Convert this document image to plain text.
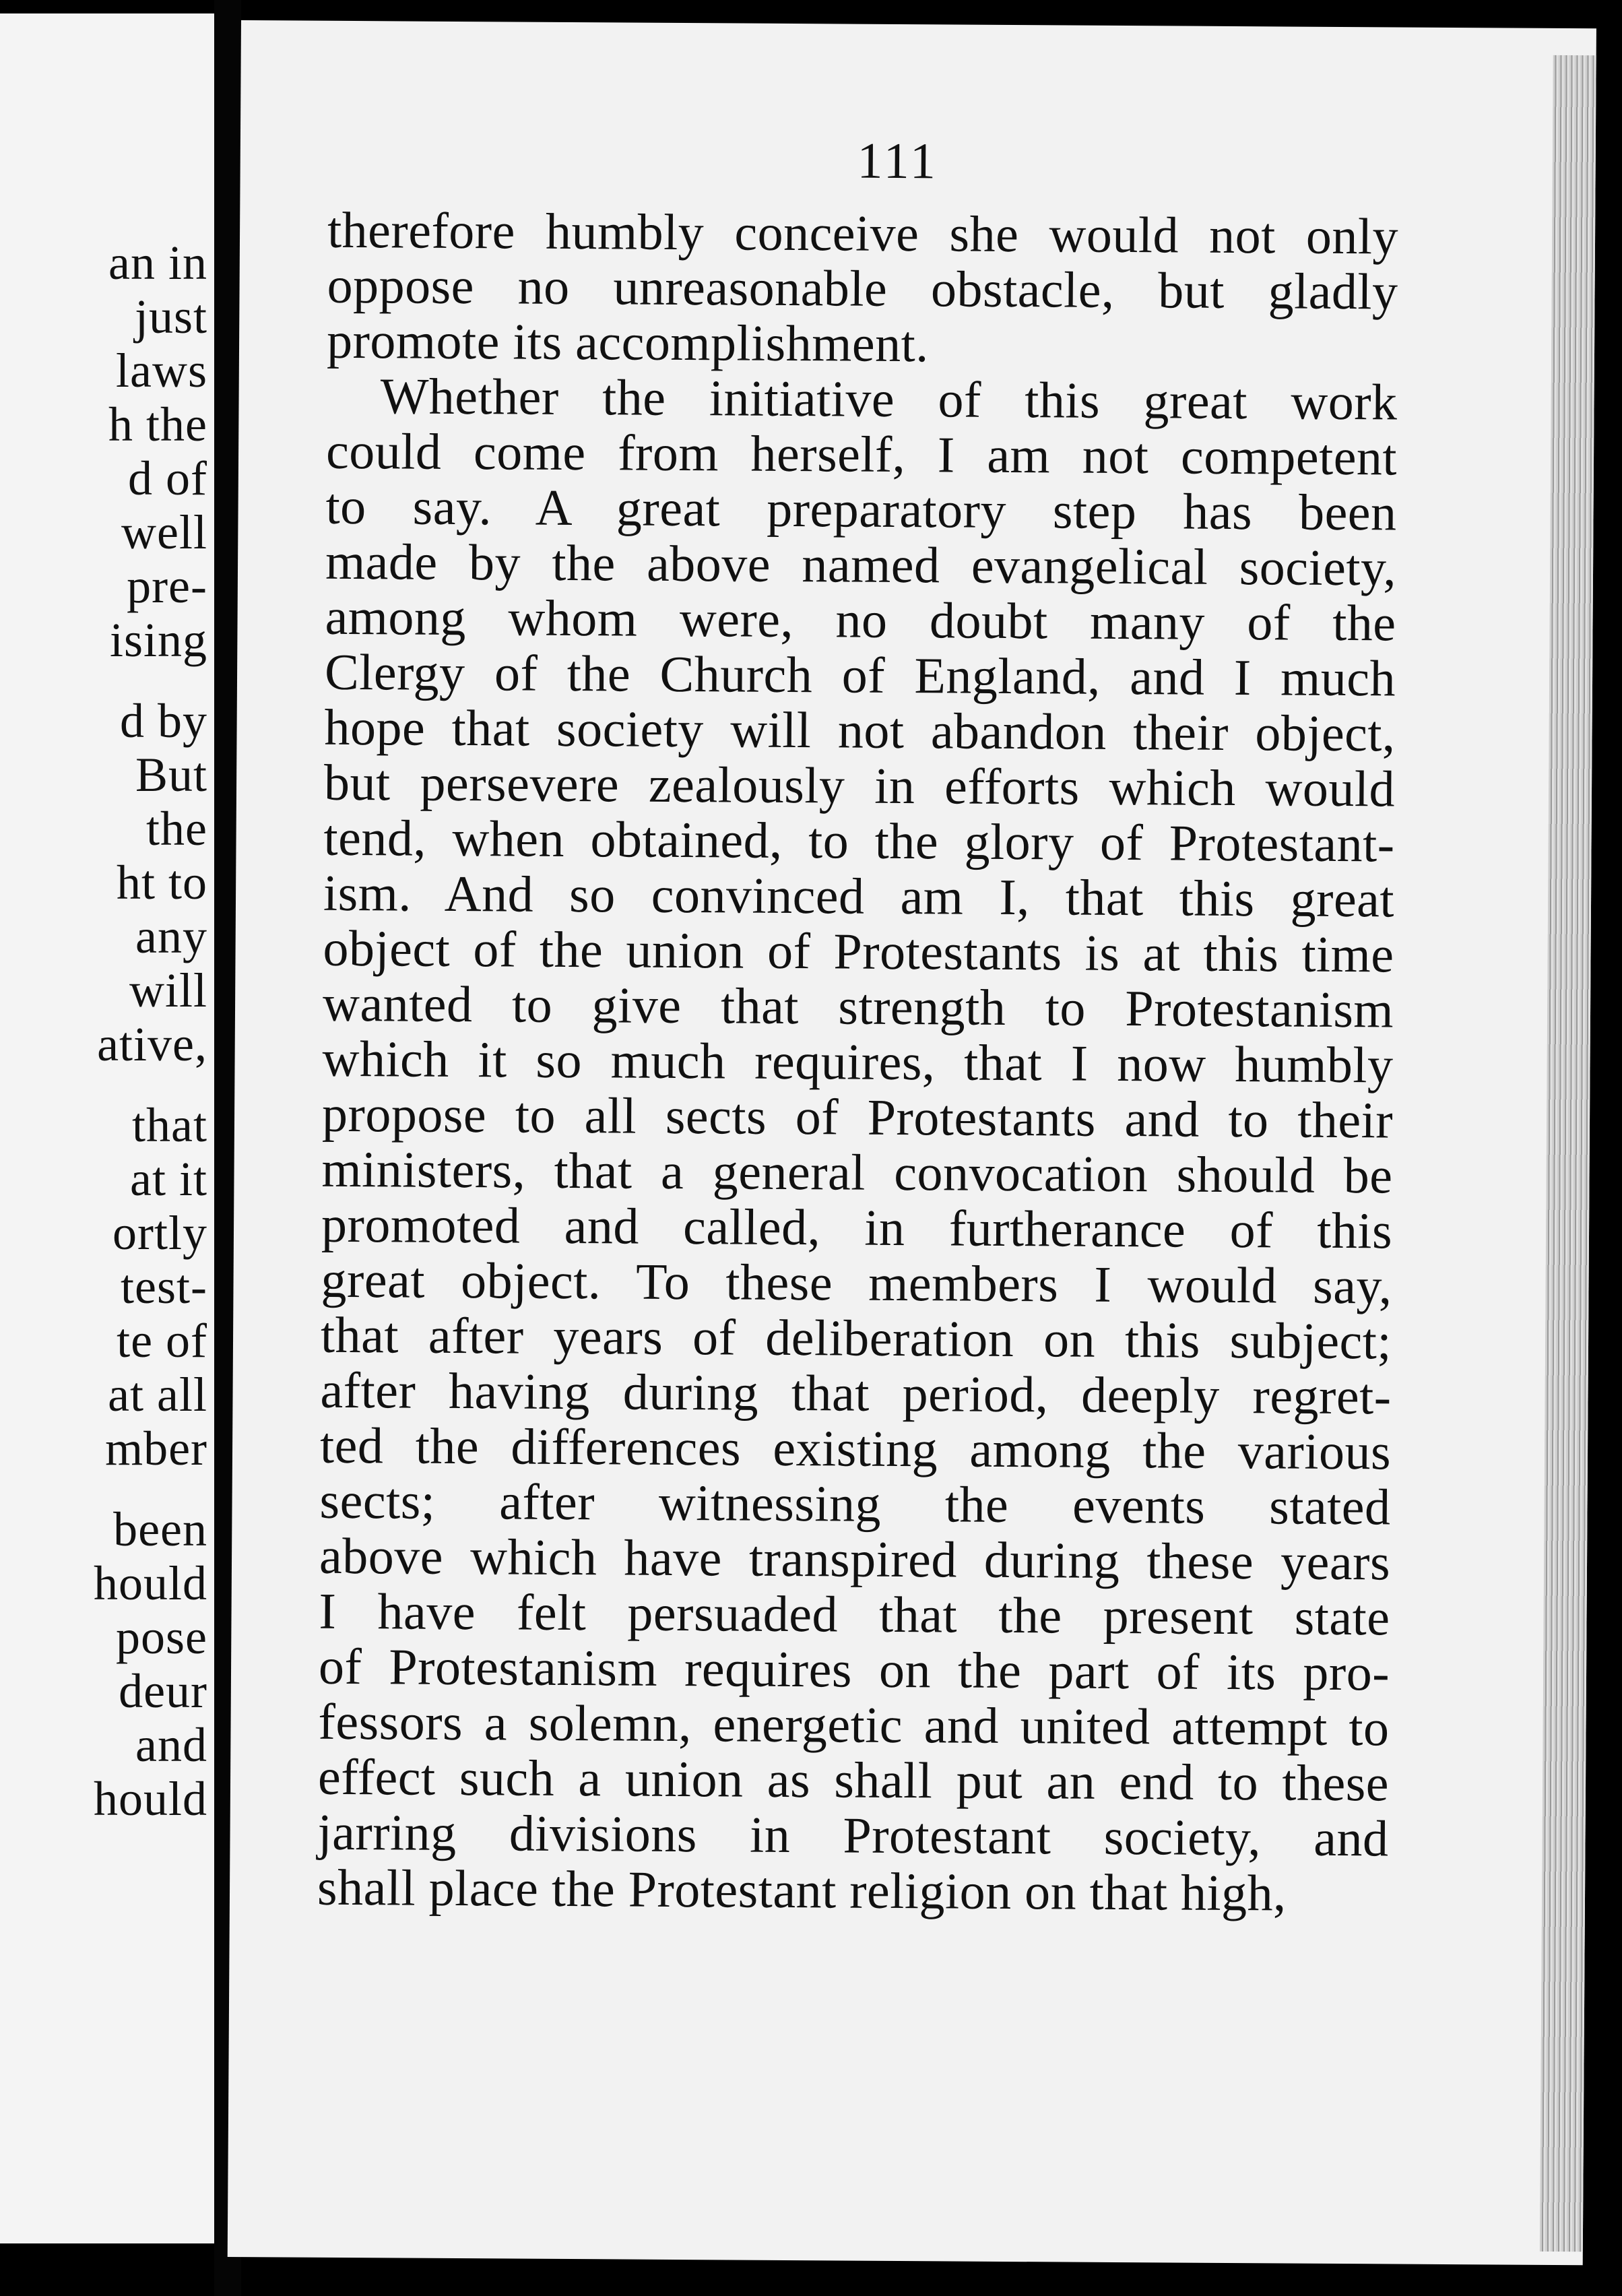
an in
just
laws
h the
d of
well
pre-
ising
d by
But
the
ht to
any
will
ative,
that
at it
ortly
test-
te of
at all
mber
been
hould
pose
deur
and
hould
111
therefore humbly conceive she would not only
oppose no unreasonable obstacle, but gladly
promote its accomplishment.
Whether the initiative of this great work
could come from herself, I am not competent
to say. A great preparatory step has been
made by the above named evangelical society,
among whom were, no doubt many of the
Clergy of the Church of England, and I much
hope that society will not abandon their object,
but persevere zealously in efforts which would
tend, when obtained, to the glory of Protestant-
ism. And so convinced am I, that this great
object of the union of Protestants is at this time
wanted to give that strength to Protestanism
which it so much requires, that I now humbly
propose to all sects of Protestants and to their
ministers, that a general convocation should be
promoted and called, in furtherance of this
great object. To these members I would say,
that after years of deliberation on this subject;
after having during that period, deeply regret-
ted the differences existing among the various
sects; after witnessing the events stated
above which have transpired during these years
I have felt persuaded that the present state
of Protestanism requires on the part of its pro-
fessors a solemn, energetic and united attempt to
effect such a union as shall put an end to these
jarring divisions in Protestant society, and
shall place the Protestant religion on that high,
